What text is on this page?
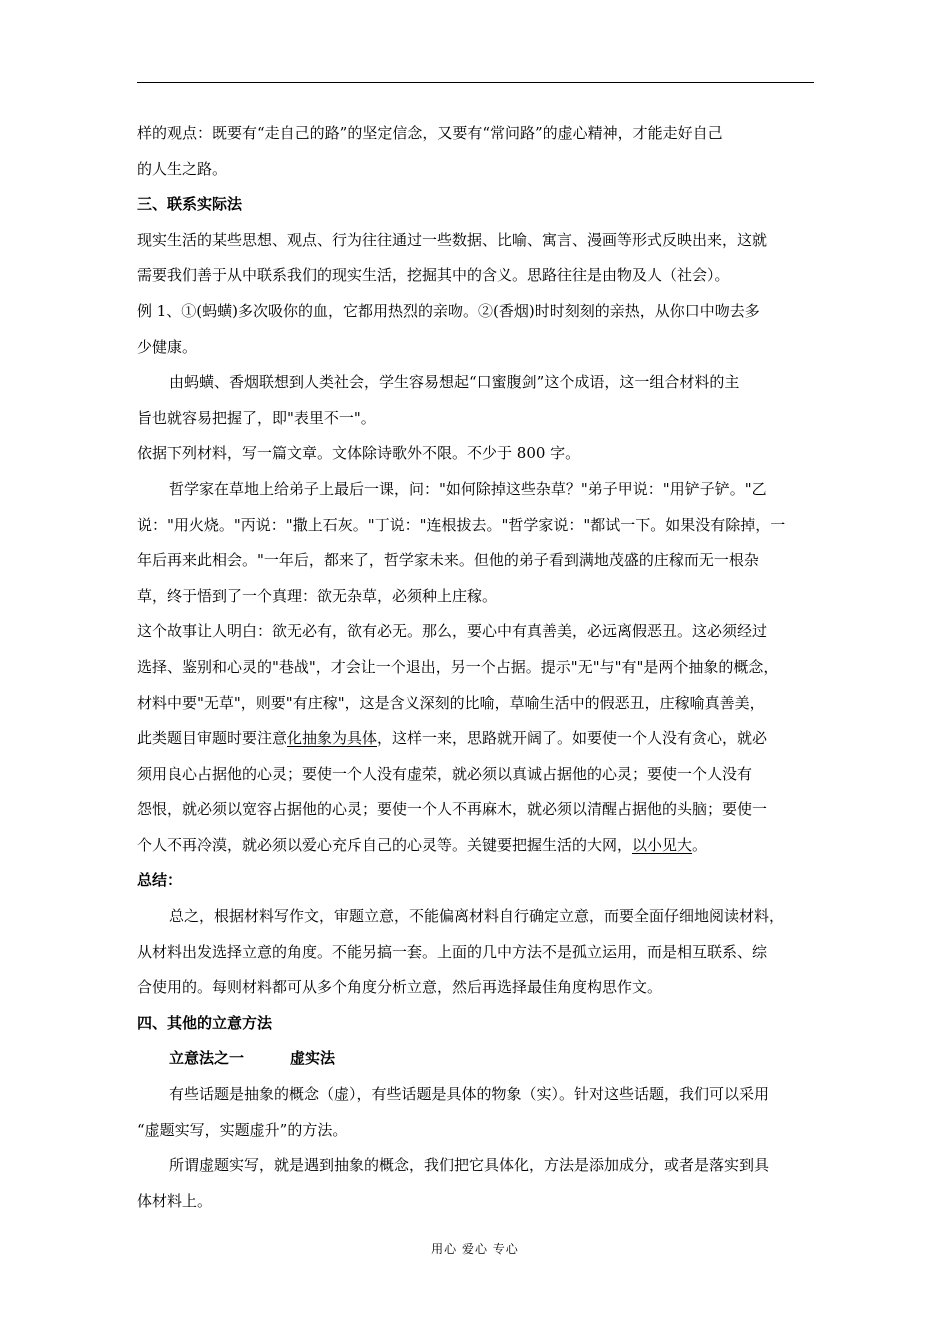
样的观点：既要有“走自己的路”的坚定信念，又要有“常问路”的虚心精神，才能走好自己
的人生之路。
三、联系实际法
现实生活的某些思想、观点、行为往往通过一些数据、比喻、寓言、漫画等形式反映出来，这就
需要我们善于从中联系我们的现实生活，挖掘其中的含义。思路往往是由物及人（社会）。
例 1、①(蚂蟥)多次吸你的血，它都用热烈的亲吻。②(香烟)时时刻刻的亲热，从你口中吻去多
少健康。
由蚂蟥、香烟联想到人类社会，学生容易想起“口蜜腹剑”这个成语，这一组合材料的主
旨也就容易把握了，即"表里不一"。
依据下列材料，写一篇文章。文体除诗歌外不限。不少于 800 字。
哲学家在草地上给弟子上最后一课，问："如何除掉这些杂草？"弟子甲说："用铲子铲。"乙
说："用火烧。"丙说："撒上石灰。"丁说："连根拔去。"哲学家说："都试一下。如果没有除掉，一
年后再来此相会。"一年后，都来了，哲学家未来。但他的弟子看到满地茂盛的庄稼而无一根杂
草，终于悟到了一个真理：欲无杂草，必须种上庄稼。
这个故事让人明白：欲无必有，欲有必无。那么，要心中有真善美，必远离假恶丑。这必须经过
选择、鉴别和心灵的"巷战"，才会让一个退出，另一个占据。提示"无"与"有"是两个抽象的概念，
材料中要"无草"，则要"有庄稼"，这是含义深刻的比喻，草喻生活中的假恶丑，庄稼喻真善美，
此类题目审题时要注意化抽象为具体，这样一来，思路就开阔了。如要使一个人没有贪心，就必
须用良心占据他的心灵；要使一个人没有虚荣，就必须以真诚占据他的心灵；要使一个人没有
怨恨，就必须以宽容占据他的心灵；要使一个人不再麻木，就必须以清醒占据他的头脑；要使一
个人不再冷漠，就必须以爱心充斥自己的心灵等。关键要把握生活的大网，以小见大。
总结：
总之，根据材料写作文，审题立意，不能偏离材料自行确定立意，而要全面仔细地阅读材料，
从材料出发选择立意的角度。不能另搞一套。上面的几中方法不是孤立运用，而是相互联系、综
合使用的。每则材料都可从多个角度分析立意，然后再选择最佳角度构思作文。
四、其他的立意方法
立意法之一	虚实法
有些话题是抽象的概念（虚），有些话题是具体的物象（实）。针对这些话题，我们可以采用
“虚题实写，实题虚升”的方法。
所谓虚题实写，就是遇到抽象的概念，我们把它具体化，方法是添加成分，或者是落实到具
体材料上。
用心 爱心 专心
